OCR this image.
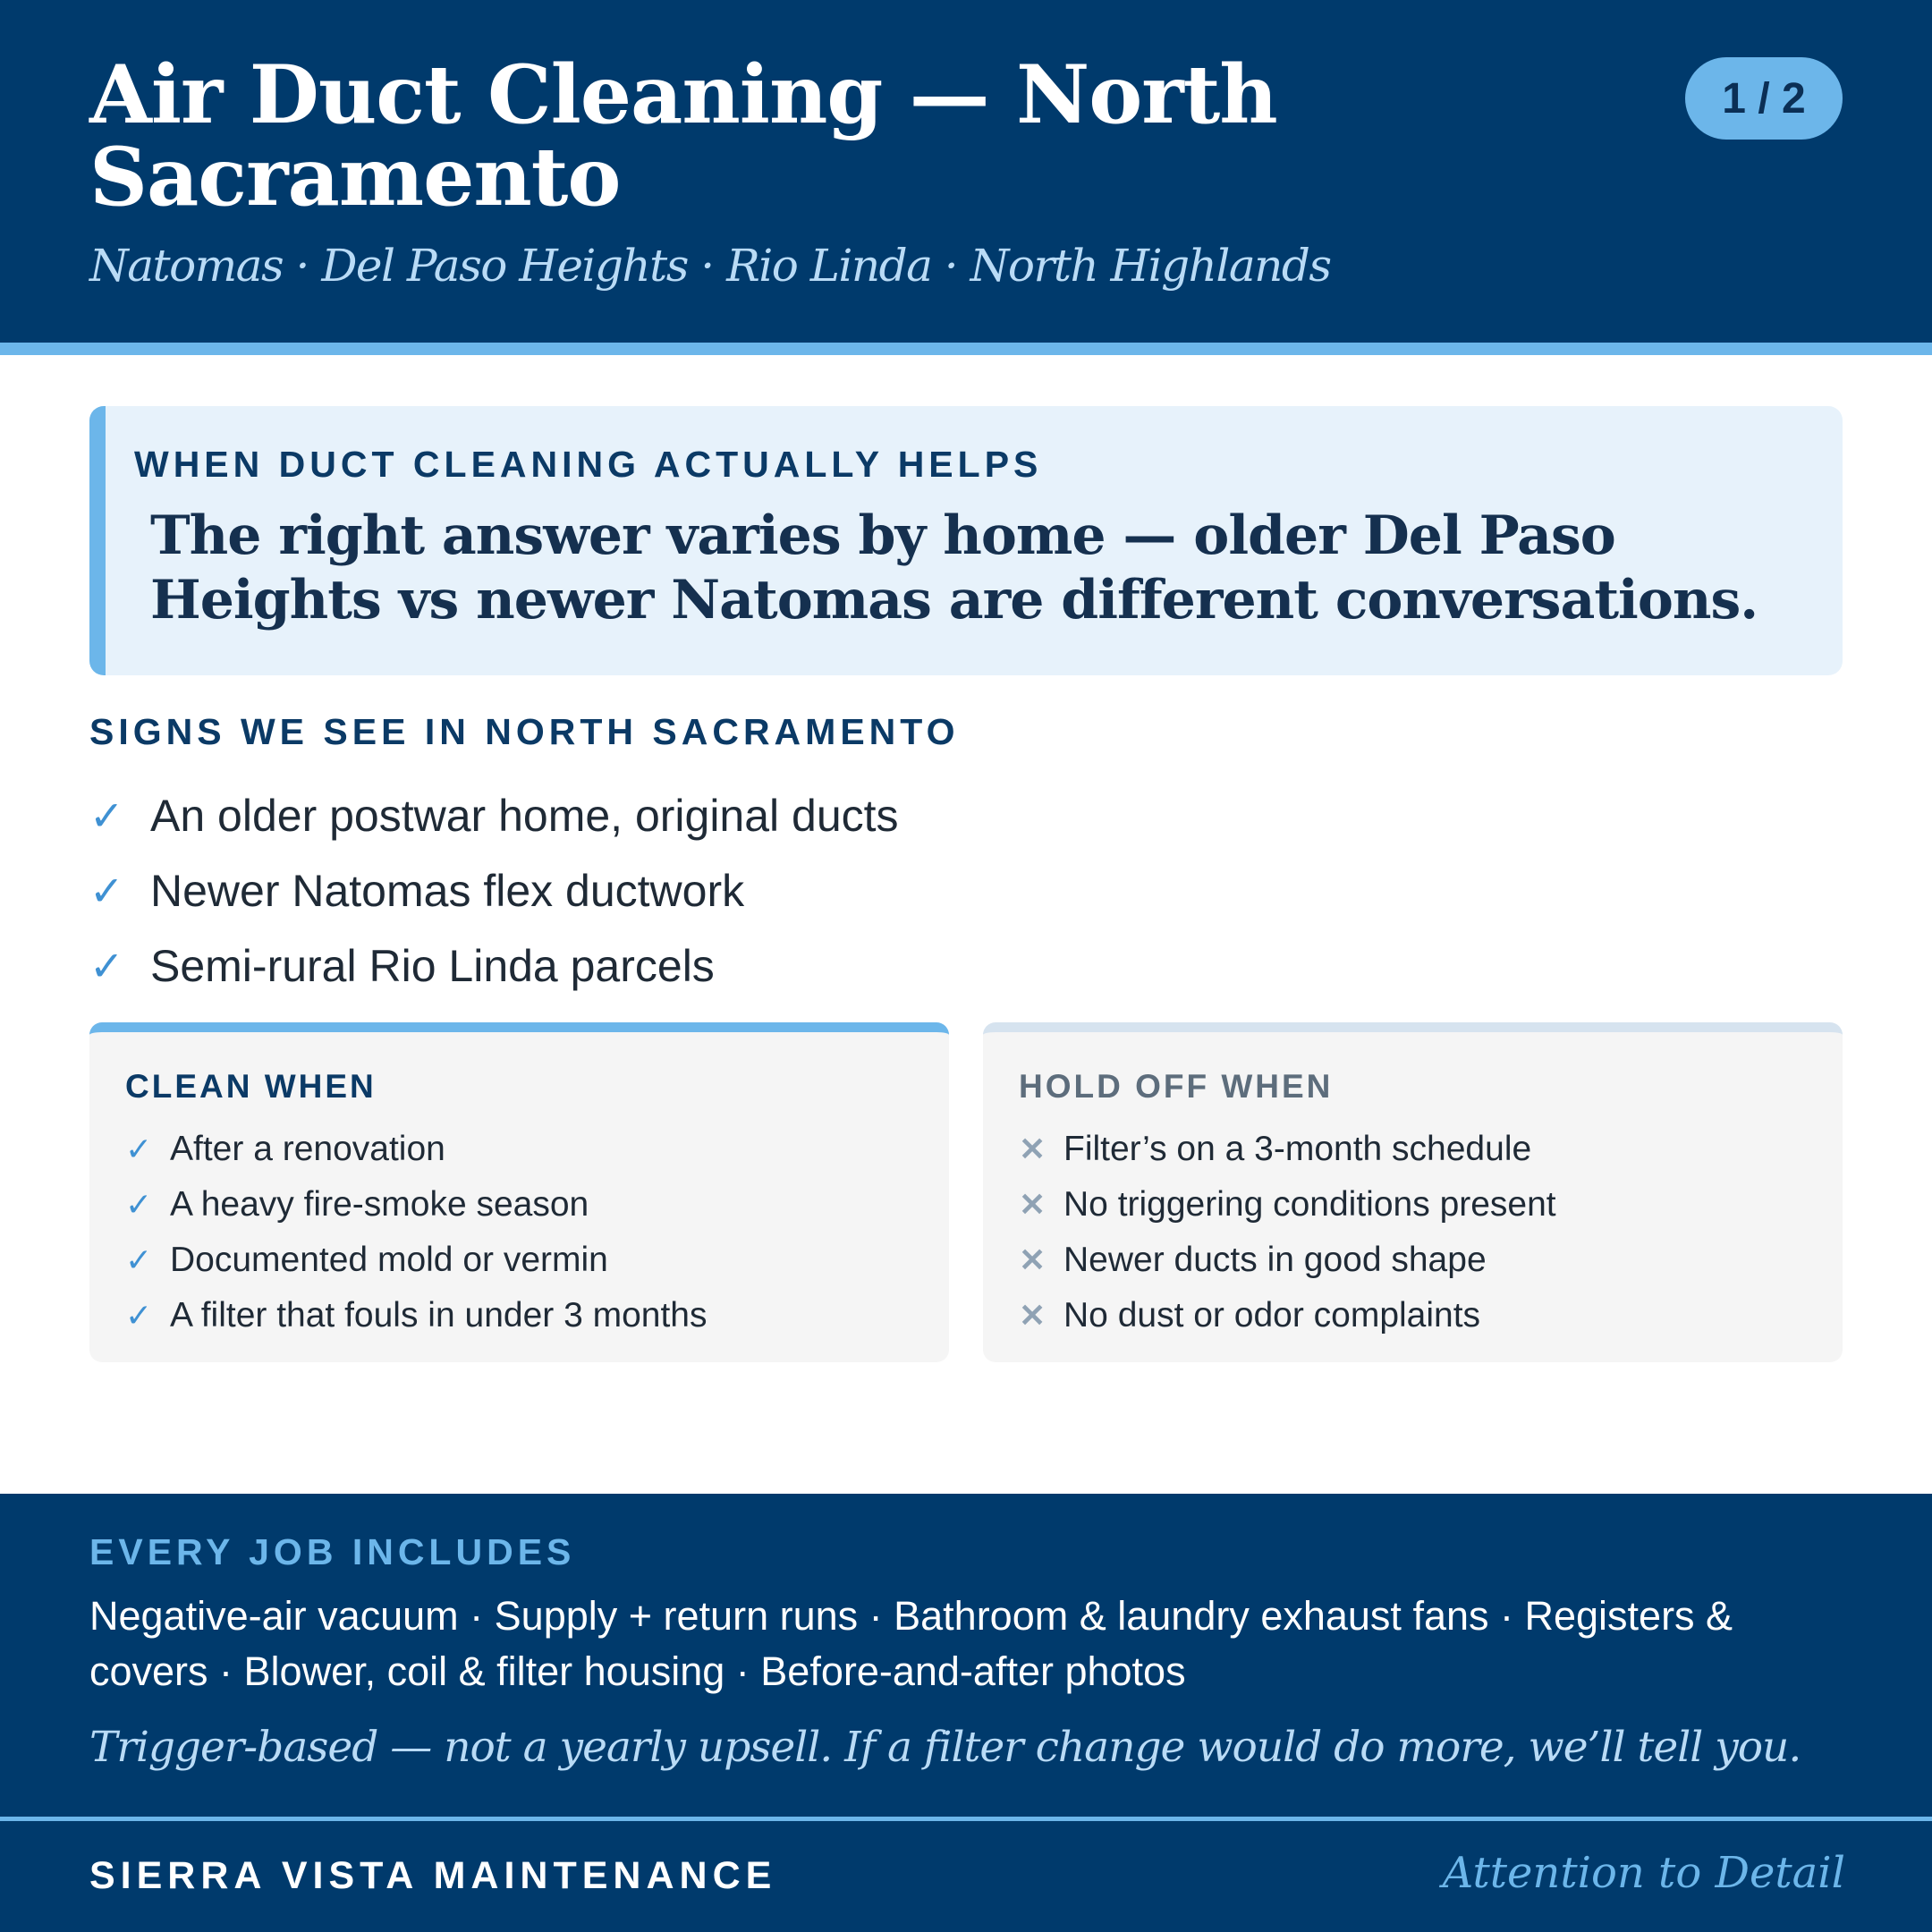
Air Duct Cleaning — North Sacramento
Natomas · Del Paso Heights · Rio Linda · North Highlands
1 / 2
WHEN DUCT CLEANING ACTUALLY HELPS
The right answer varies by home — older Del Paso Heights vs newer Natomas are different conversations.
SIGNS WE SEE IN NORTH SACRAMENTO
✓ An older postwar home, original ducts
✓ Newer Natomas flex ductwork
✓ Semi-rural Rio Linda parcels
CLEAN WHEN
✓ After a renovation
✓ A heavy fire-smoke season
✓ Documented mold or vermin
✓ A filter that fouls in under 3 months
HOLD OFF WHEN
✕ Filter’s on a 3-month schedule
✕ No triggering conditions present
✕ Newer ducts in good shape
✕ No dust or odor complaints
EVERY JOB INCLUDES
Negative-air vacuum · Supply + return runs · Bathroom & laundry exhaust fans · Registers & covers · Blower, coil & filter housing · Before-and-after photos
Trigger-based — not a yearly upsell. If a filter change would do more, we’ll tell you.
SIERRA VISTA MAINTENANCE	Attention to Detail
